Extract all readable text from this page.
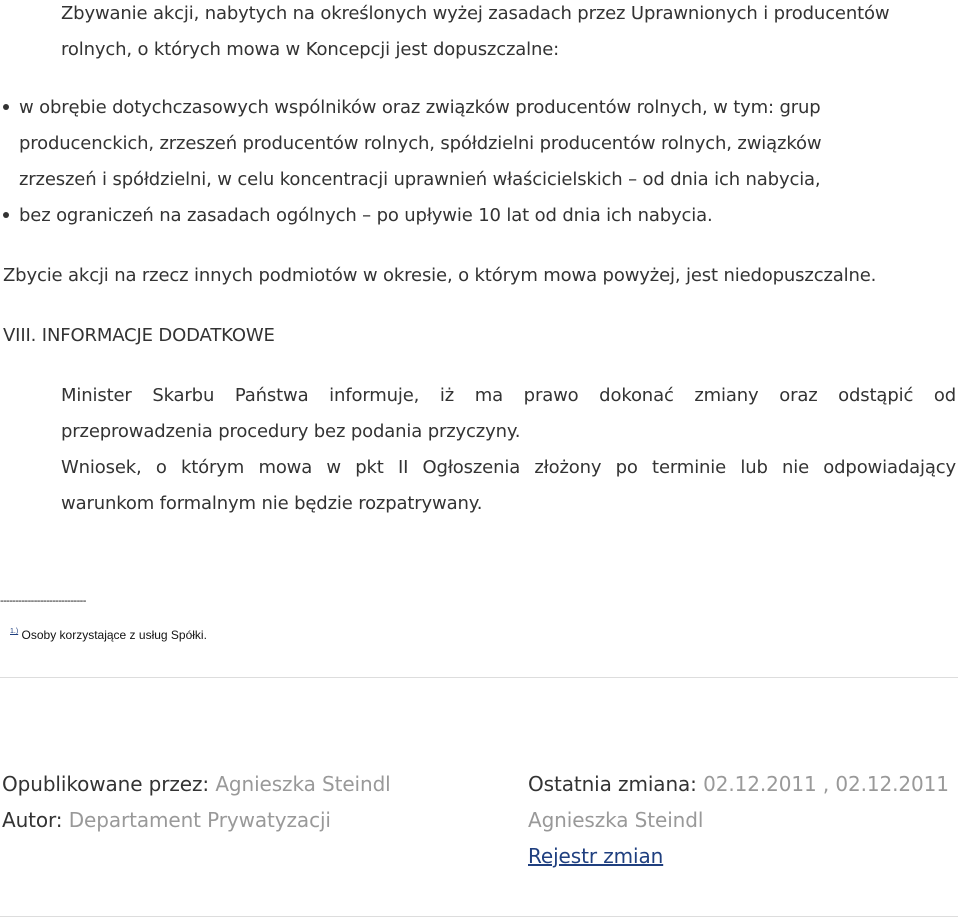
Zbywanie akcji, nabytych na określonych wyżej zasadach przez Uprawnionych i producentów
rolnych, o których mowa w Koncepcji jest dopuszczalne:
w obrębie dotychczasowych wspólników oraz związków producentów rolnych, w tym: grup
producenckich, zrzeszeń producentów rolnych, spółdzielni producentów rolnych, związków
zrzeszeń i spółdzielni, w celu koncentracji uprawnień właścicielskich – od dnia ich nabycia,
bez ograniczeń na zasadach ogólnych – po upływie 10 lat od dnia ich nabycia.
Zbycie akcji na rzecz innych podmiotów w okresie, o którym mowa powyżej, jest niedopuszczalne.
VIII. INFORMACJE DODATKOWE
Minister Skarbu Państwa informuje, iż ma prawo dokonać zmiany oraz odstąpić od
przeprowadzenia procedury bez podania przyczyny.
Wniosek, o którym mowa w pkt II Ogłoszenia złożony po terminie lub nie odpowiadający
warunkom formalnym nie będzie rozpatrywany.
----------------------------
$^{1.)}$ Osoby korzystające z usług Spółki.
Opublikowane przez: Agnieszka Steindl
Autor: Departament Prywatyzacji
Ostatnia zmiana: 02.12.2011 , 02.12.2011
Agnieszka Steindl
Rejestr zmian
